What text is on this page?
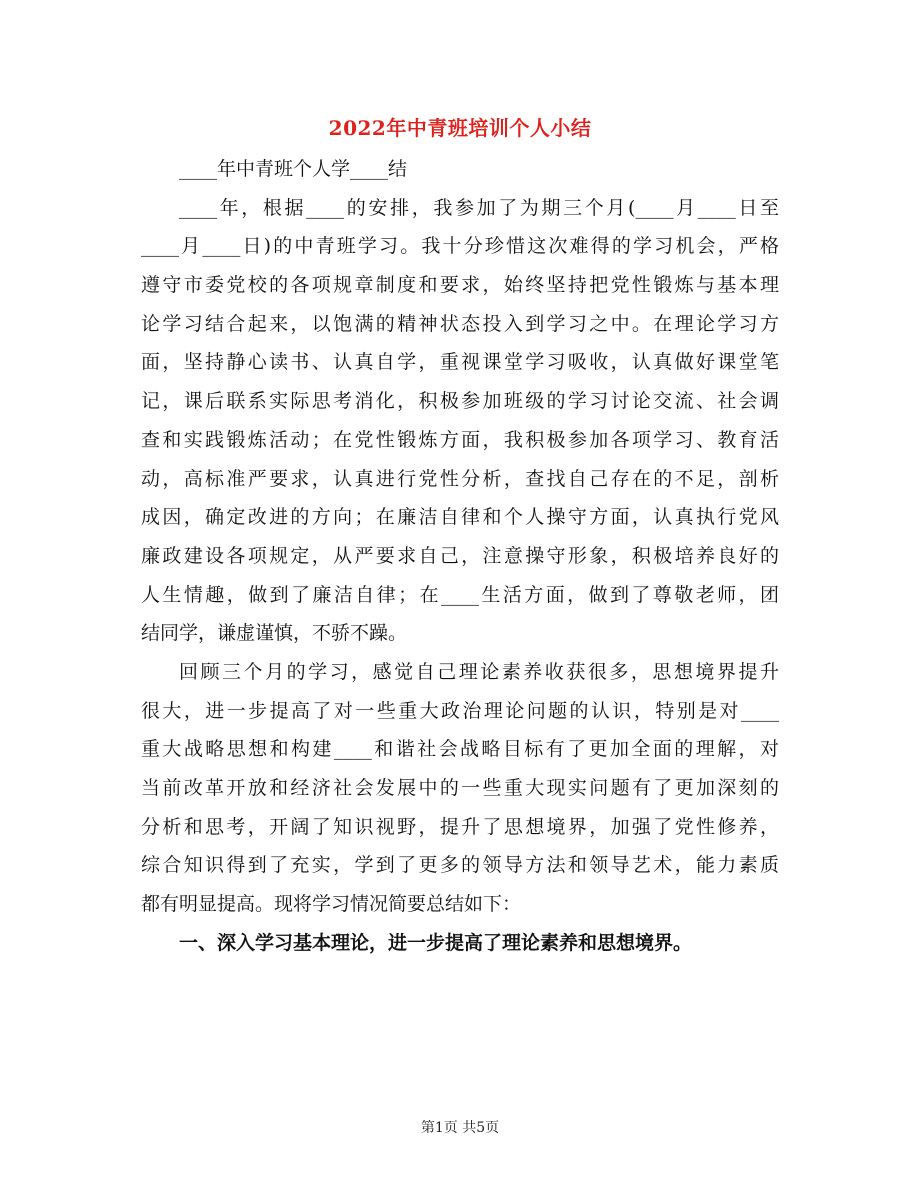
2022年中青班培训个人小结
____年中青班个人学____结
____年，根据____的安排，我参加了为期三个月(____月____日至
____月____日)的中青班学习。我十分珍惜这次难得的学习机会，严格
遵守市委党校的各项规章制度和要求，始终坚持把党性锻炼与基本理
论学习结合起来，以饱满的精神状态投入到学习之中。在理论学习方
面，坚持静心读书、认真自学，重视课堂学习吸收，认真做好课堂笔
记，课后联系实际思考消化，积极参加班级的学习讨论交流、社会调
查和实践锻炼活动；在党性锻炼方面，我积极参加各项学习、教育活
动，高标准严要求，认真进行党性分析，查找自己存在的不足，剖析
成因，确定改进的方向；在廉洁自律和个人操守方面，认真执行党风
廉政建设各项规定，从严要求自己，注意操守形象，积极培养良好的
人生情趣，做到了廉洁自律；在____生活方面，做到了尊敬老师，团
结同学，谦虚谨慎，不骄不躁。
回顾三个月的学习，感觉自己理论素养收获很多，思想境界提升
很大，进一步提高了对一些重大政治理论问题的认识，特别是对____
重大战略思想和构建____和谐社会战略目标有了更加全面的理解，对
当前改革开放和经济社会发展中的一些重大现实问题有了更加深刻的
分析和思考，开阔了知识视野，提升了思想境界，加强了党性修养，
综合知识得到了充实，学到了更多的领导方法和领导艺术，能力素质
都有明显提高。现将学习情况简要总结如下：
一、深入学习基本理论，进一步提高了理论素养和思想境界。
第1页 共5页
